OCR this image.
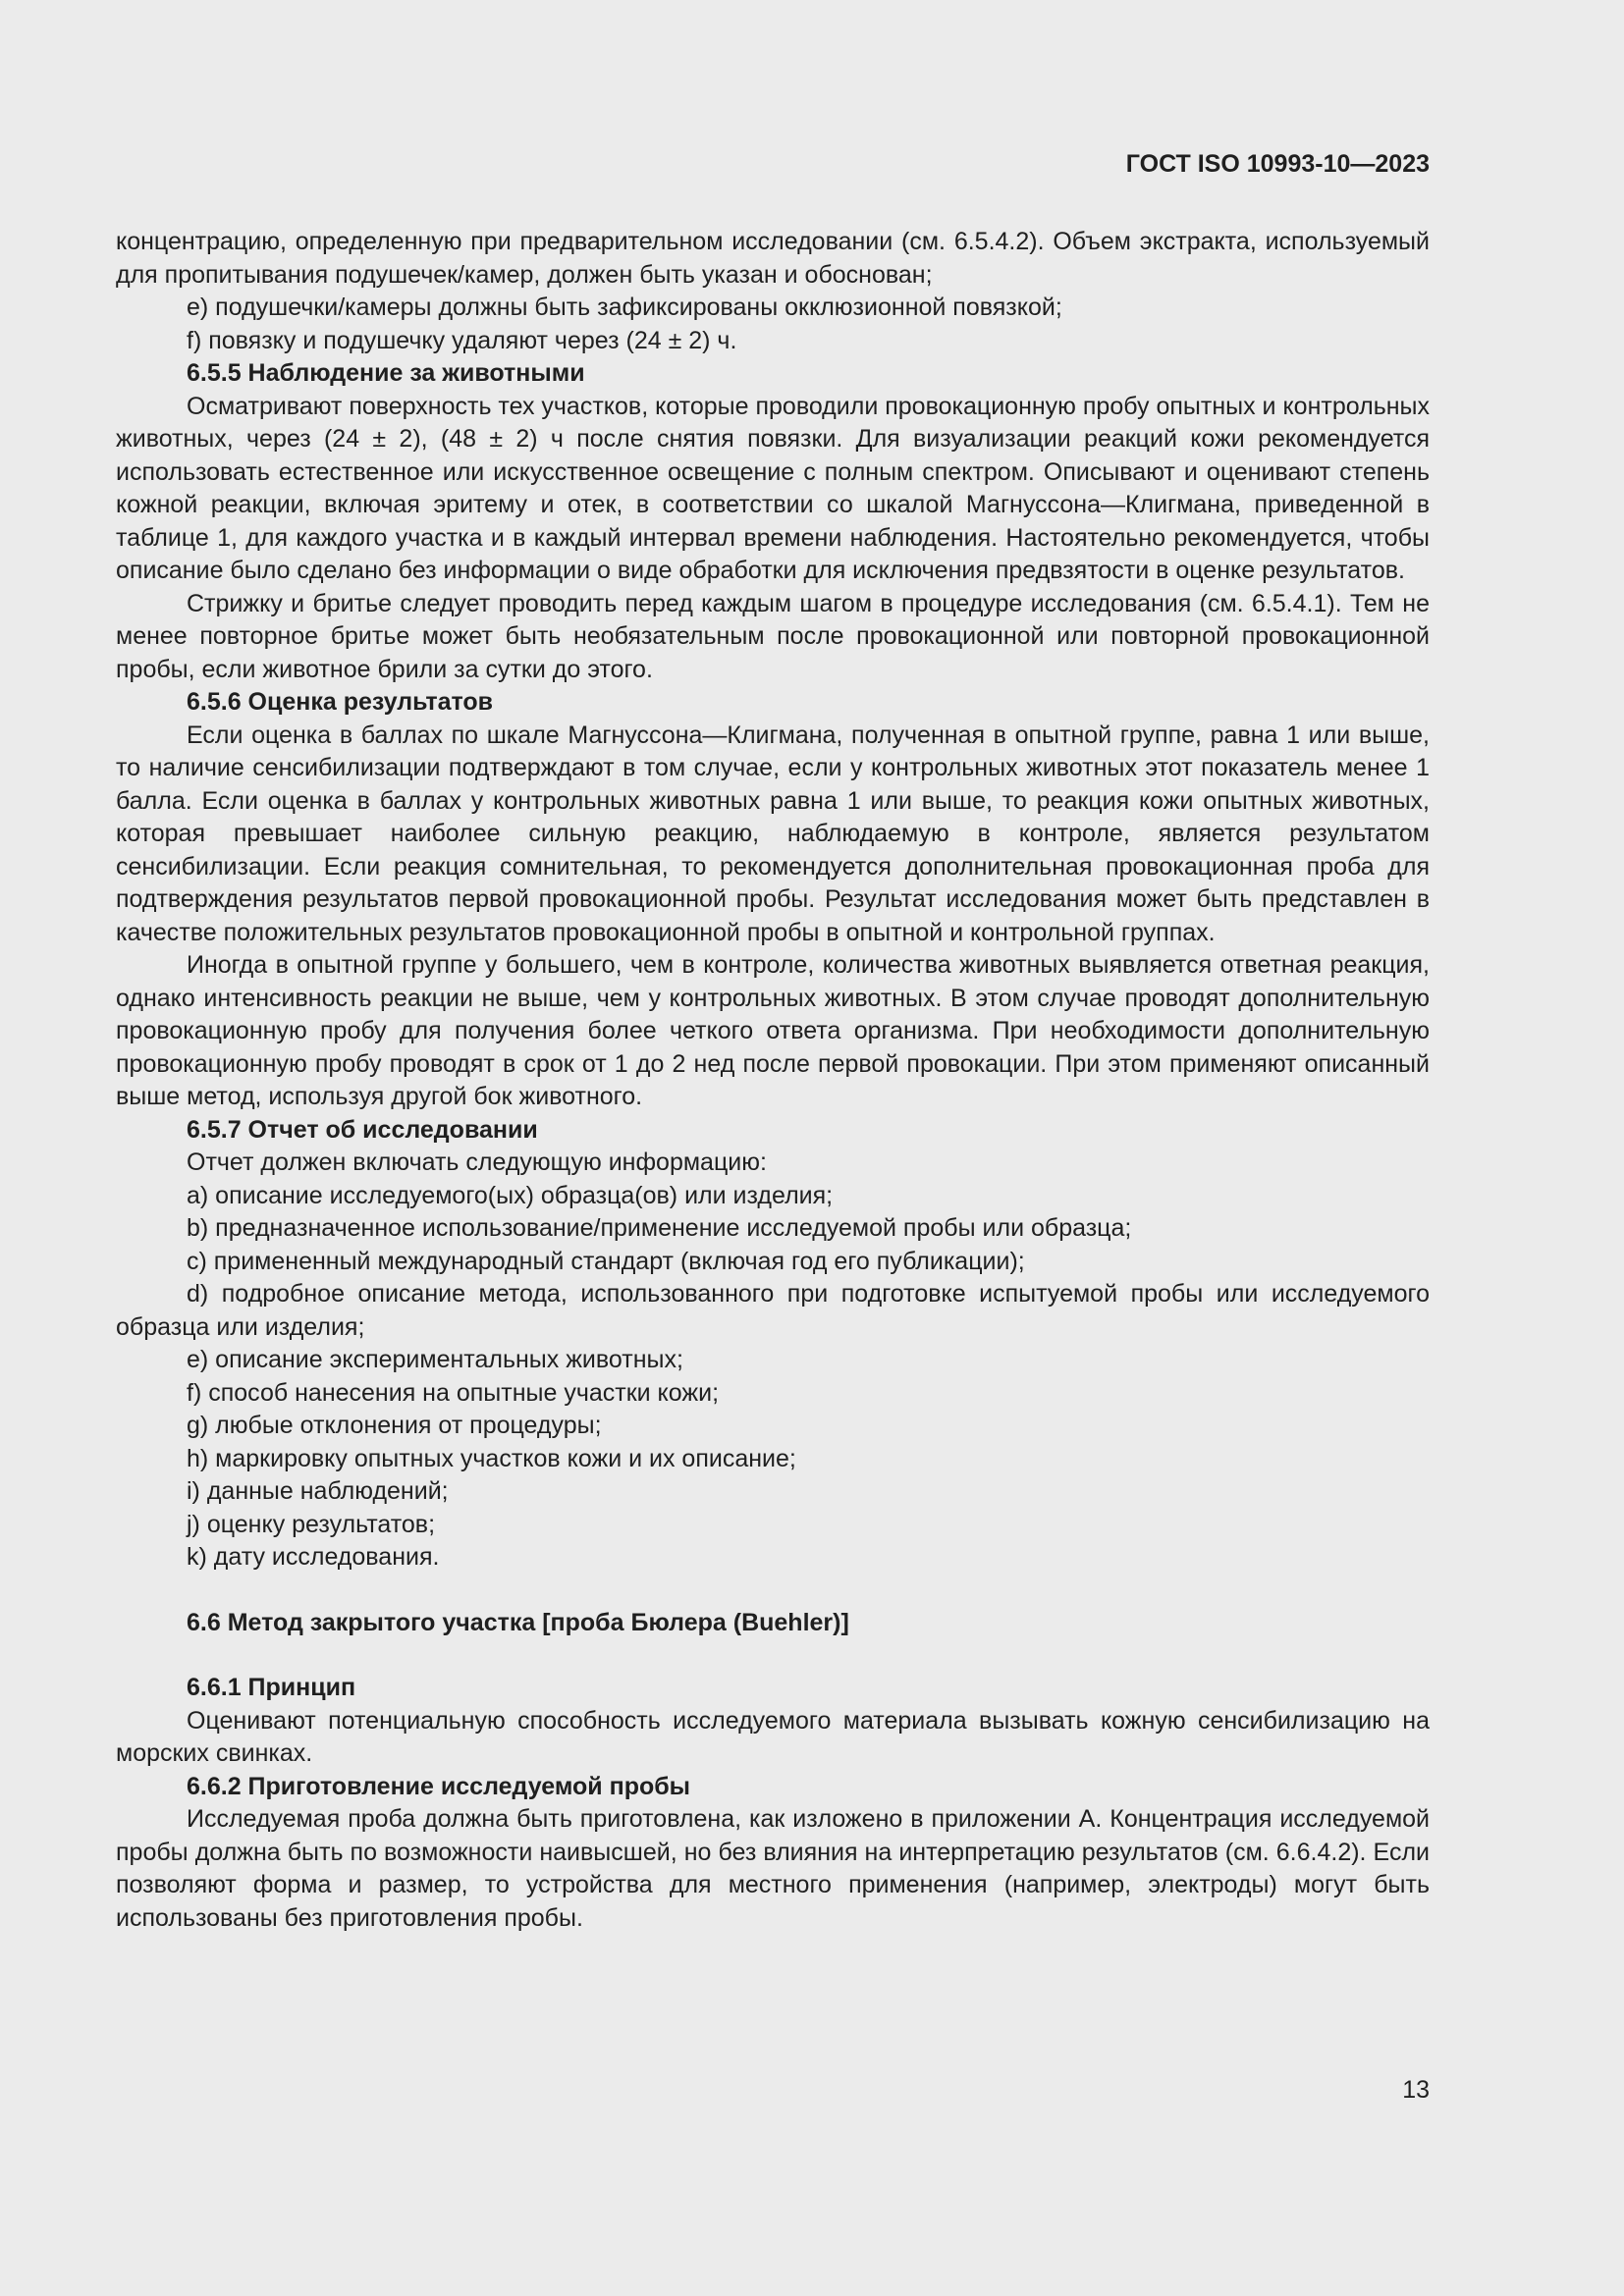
ГОСТ ISO 10993-10—2023

концентрацию, определенную при предварительном исследовании (см. 6.5.4.2). Объем экстракта, используемый для пропитывания подушечек/камер, должен быть указан и обоснован;

е) подушечки/камеры должны быть зафиксированы окклюзионной повязкой;

f) повязку и подушечку удаляют через (24 ± 2) ч.

6.5.5 Наблюдение за животными

Осматривают поверхность тех участков, которые проводили провокационную пробу опытных и контрольных животных, через (24 ± 2), (48 ± 2) ч после снятия повязки. Для визуализации реакций кожи рекомендуется использовать естественное или искусственное освещение с полным спектром. Описывают и оценивают степень кожной реакции, включая эритему и отек, в соответствии со шкалой Магнуссона—Клигмана, приведенной в таблице 1, для каждого участка и в каждый интервал времени наблюдения. Настоятельно рекомендуется, чтобы описание было сделано без информации о виде обработки для исключения предвзятости в оценке результатов.

Стрижку и бритье следует проводить перед каждым шагом в процедуре исследования (см. 6.5.4.1). Тем не менее повторное бритье может быть необязательным после провокационной или повторной провокационной пробы, если животное брили за сутки до этого.

6.5.6 Оценка результатов

Если оценка в баллах по шкале Магнуссона—Клигмана, полученная в опытной группе, равна 1 или выше, то наличие сенсибилизации подтверждают в том случае, если у контрольных животных этот показатель менее 1 балла. Если оценка в баллах у контрольных животных равна 1 или выше, то реакция кожи опытных животных, которая превышает наиболее сильную реакцию, наблюдаемую в контроле, является результатом сенсибилизации. Если реакция сомнительная, то рекомендуется дополнительная провокационная проба для подтверждения результатов первой провокационной пробы. Результат исследования может быть представлен в качестве положительных результатов провокационной пробы в опытной и контрольной группах.

Иногда в опытной группе у большего, чем в контроле, количества животных выявляется ответная реакция, однако интенсивность реакции не выше, чем у контрольных животных. В этом случае проводят дополнительную провокационную пробу для получения более четкого ответа организма. При необходимости дополнительную провокационную пробу проводят в срок от 1 до 2 нед после первой провокации. При этом применяют описанный выше метод, используя другой бок животного.

6.5.7 Отчет об исследовании

Отчет должен включать следующую информацию:

a) описание исследуемого(ых) образца(ов) или изделия;

b) предназначенное использование/применение исследуемой пробы или образца;

c) примененный международный стандарт (включая год его публикации);

d) подробное описание метода, использованного при подготовке испытуемой пробы или исследуемого образца или изделия;

e) описание экспериментальных животных;

f) способ нанесения на опытные участки кожи;

g) любые отклонения от процедуры;

h) маркировку опытных участков кожи и их описание;

i) данные наблюдений;

j) оценку результатов;

k) дату исследования.

6.6 Метод закрытого участка [проба Бюлера (Buehler)]

6.6.1 Принцип

Оценивают потенциальную способность исследуемого материала вызывать кожную сенсибилизацию на морских свинках.

6.6.2 Приготовление исследуемой пробы

Исследуемая проба должна быть приготовлена, как изложено в приложении А. Концентрация исследуемой пробы должна быть по возможности наивысшей, но без влияния на интерпретацию результатов (см. 6.6.4.2). Если позволяют форма и размер, то устройства для местного применения (например, электроды) могут быть использованы без приготовления пробы.

13
